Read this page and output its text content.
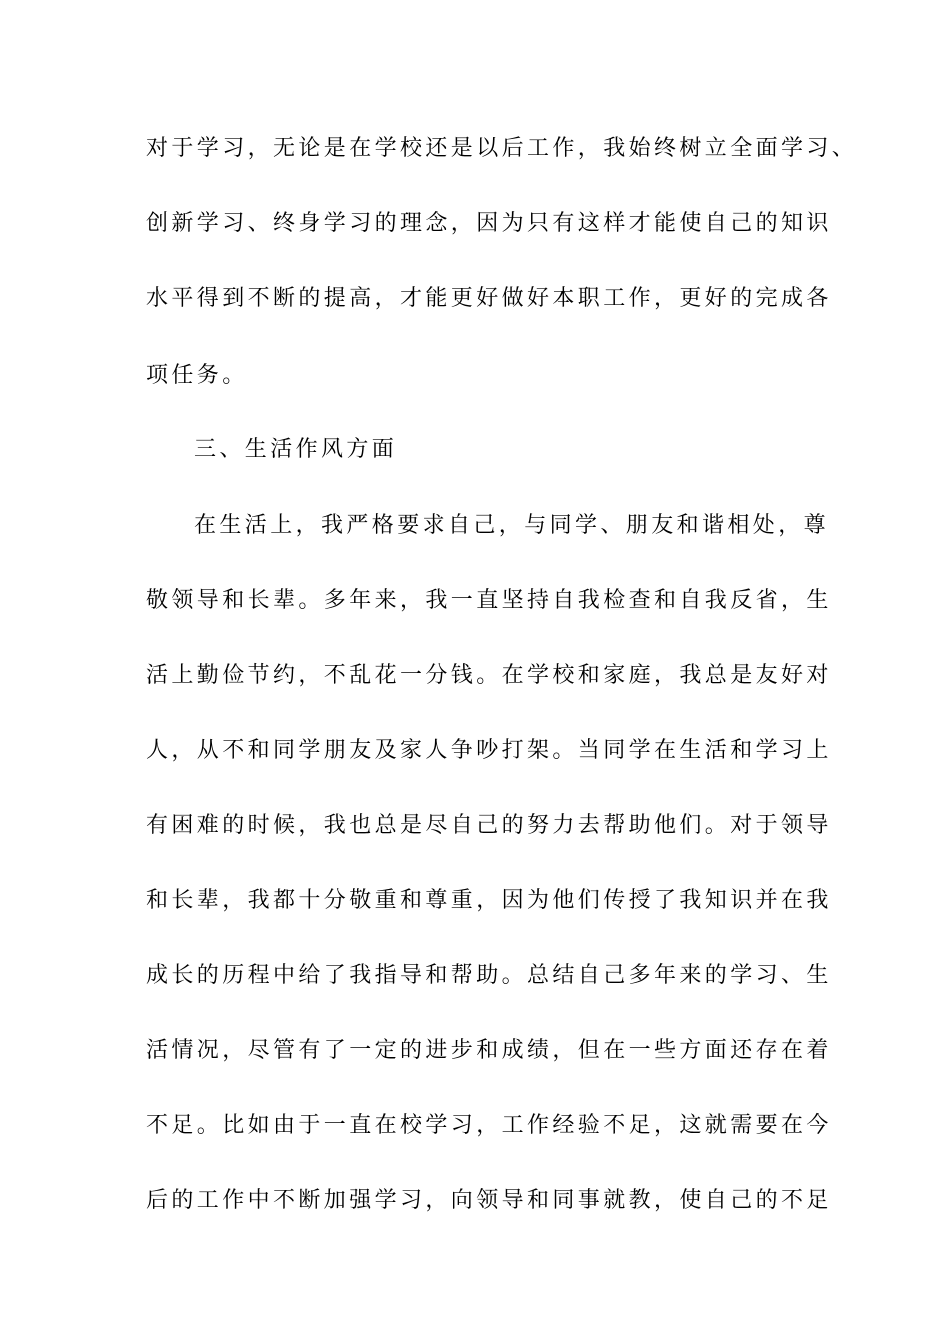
对于学习，无论是在学校还是以后工作，我始终树立全面学习、
创新学习、终身学习的理念，因为只有这样才能使自己的知识
水平得到不断的提高，才能更好做好本职工作，更好的完成各
项任务。
三、生活作风方面
在生活上，我严格要求自己，与同学、朋友和谐相处，尊
敬领导和长辈。多年来，我一直坚持自我检查和自我反省，生
活上勤俭节约，不乱花一分钱。在学校和家庭，我总是友好对
人，从不和同学朋友及家人争吵打架。当同学在生活和学习上
有困难的时候，我也总是尽自己的努力去帮助他们。对于领导
和长辈，我都十分敬重和尊重，因为他们传授了我知识并在我
成长的历程中给了我指导和帮助。总结自己多年来的学习、生
活情况，尽管有了一定的进步和成绩，但在一些方面还存在着
不足。比如由于一直在校学习，工作经验不足，这就需要在今
后的工作中不断加强学习，向领导和同事就教，使自己的不足
